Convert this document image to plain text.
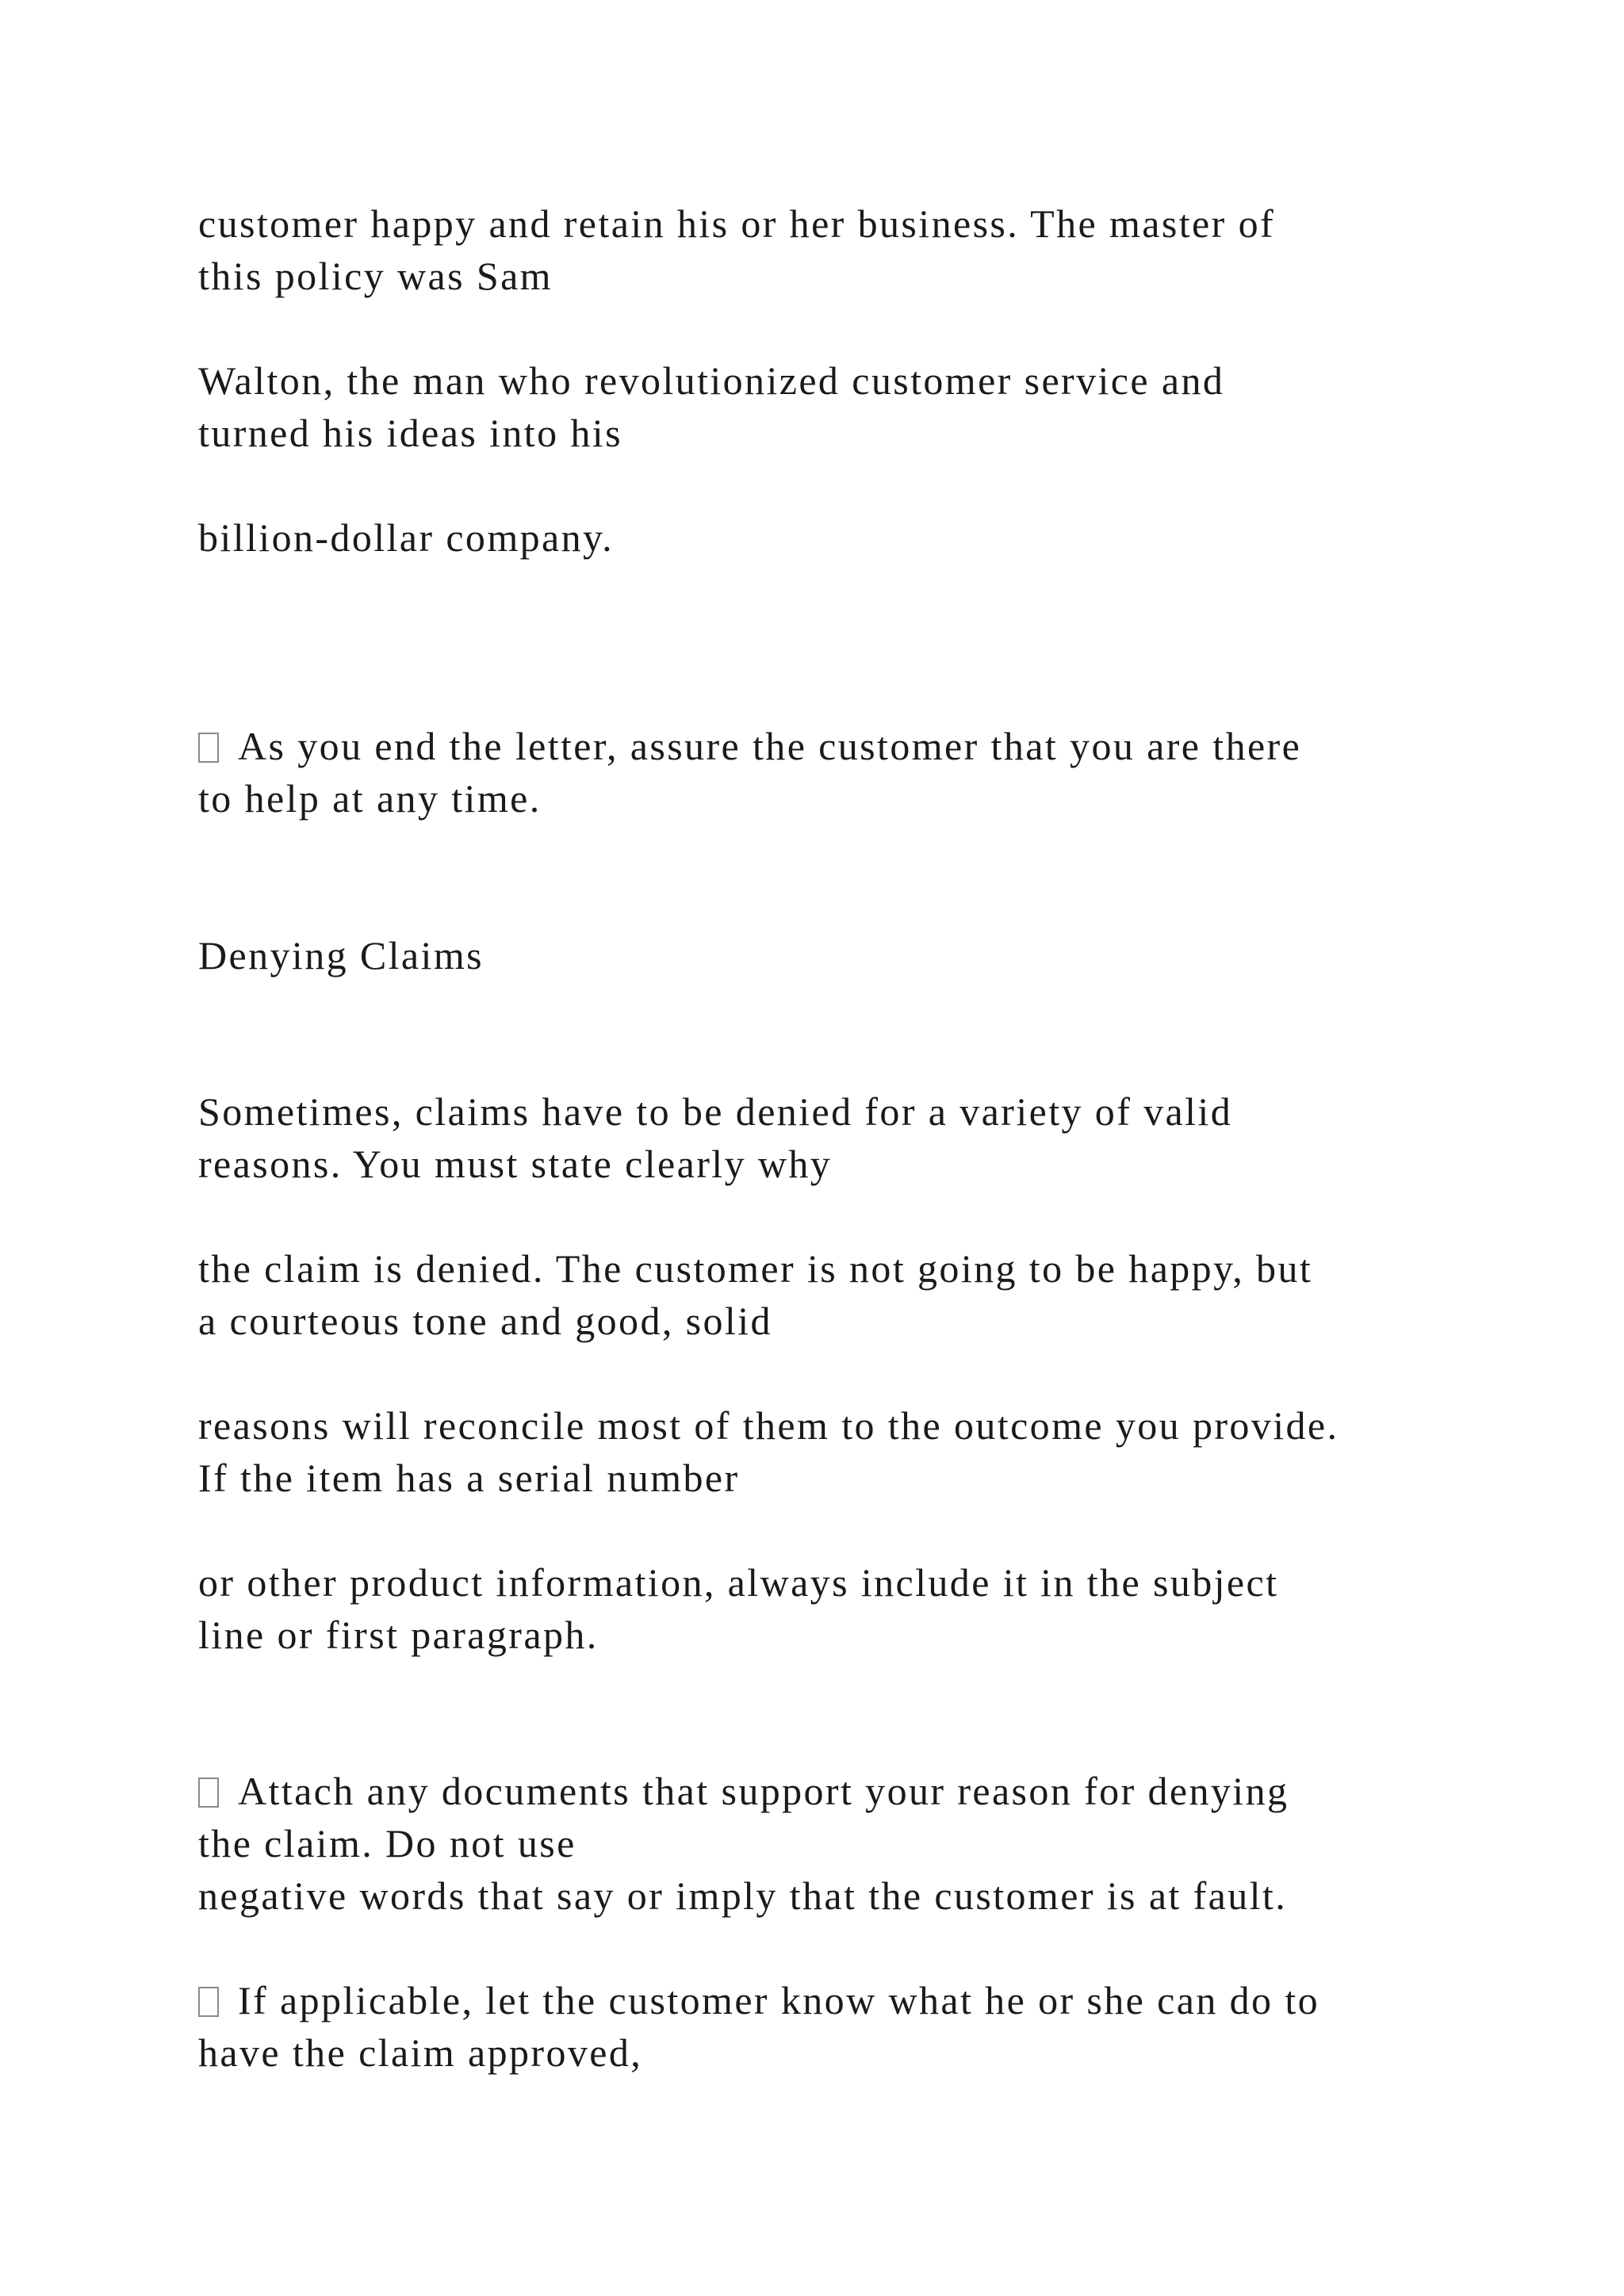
customer happy and retain his or her business. The master of

this policy was Sam

Walton, the man who revolutionized customer service and

turned his ideas into his

billion-dollar company.

As you end the letter, assure the customer that you are there

to help at any time.

Denying Claims

Sometimes, claims have to be denied for a variety of valid

reasons. You must state clearly why

the claim is denied. The customer is not going to be happy, but

a courteous tone and good, solid

reasons will reconcile most of them to the outcome you provide.

If the item has a serial number

or other product information, always include it in the subject

line or first paragraph.

Attach any documents that support your reason for denying

the claim. Do not use

negative words that say or imply that the customer is at fault.

If applicable, let the customer know what he or she can do to

have the claim approved,
